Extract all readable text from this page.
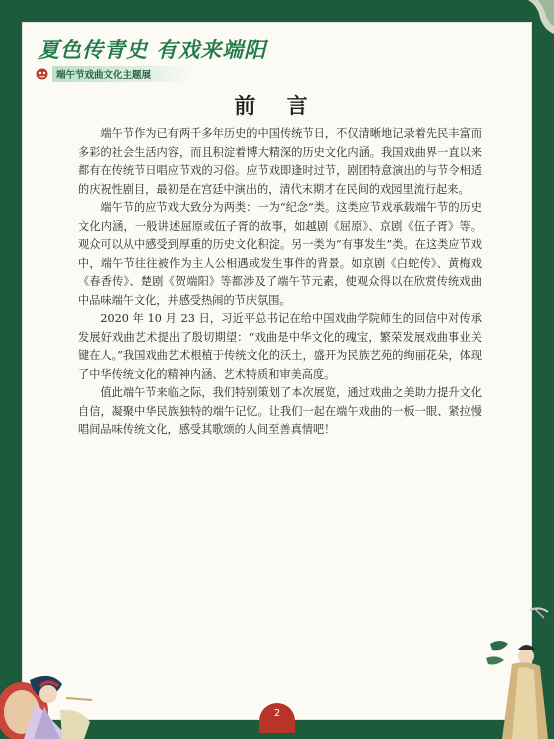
夏色传青史 有戏来端阳
端午节戏曲文化主题展
前 言

端午节作为已有两千多年历史的中国传统节日，不仅清晰地记录着先民丰富而多彩的社会生活内容，而且积淀着博大精深的历史文化内涵。我国戏曲界一直以来都有在传统节日唱应节戏的习俗。应节戏即逢时过节，剧团特意演出的与节令相适的庆祝性剧目，最初是在宫廷中演出的，清代末期才在民间的戏园里流行起来。

端午节的应节戏大致分为两类：一为“纪念”类。这类应节戏承载端午节的历史文化内涵，一般讲述屈原或伍子胥的故事，如越剧《屈原》、京剧《伍子胥》等。观众可以从中感受到厚重的历史文化积淀。另一类为“有事发生”类。在这类应节戏中，端午节往往被作为主人公相遇或发生事件的背景。如京剧《白蛇传》、黄梅戏《春香传》、楚剧《贺端阳》等都涉及了端午节元素，使观众得以在欣赏传统戏曲中品味端午文化，并感受热闹的节庆氛围。

2020 年 10 月 23 日，习近平总书记在给中国戏曲学院师生的回信中对传承发展好戏曲艺术提出了殷切期望：“戏曲是中华文化的瑰宝，繁荣发展戏曲事业关键在人。”我国戏曲艺术根植于传统文化的沃土，盛开为民族艺苑的绚丽花朵，体现了中华传统文化的精神内涵、艺术特质和审美高度。

值此端午节来临之际，我们特别策划了本次展览，通过戏曲之美助力提升文化自信，凝聚中华民族独特的端午记忆。让我们一起在端午戏曲的一板一眼、紧拉慢唱间品味传统文化，感受其歌颂的人间至善真情吧！

2
